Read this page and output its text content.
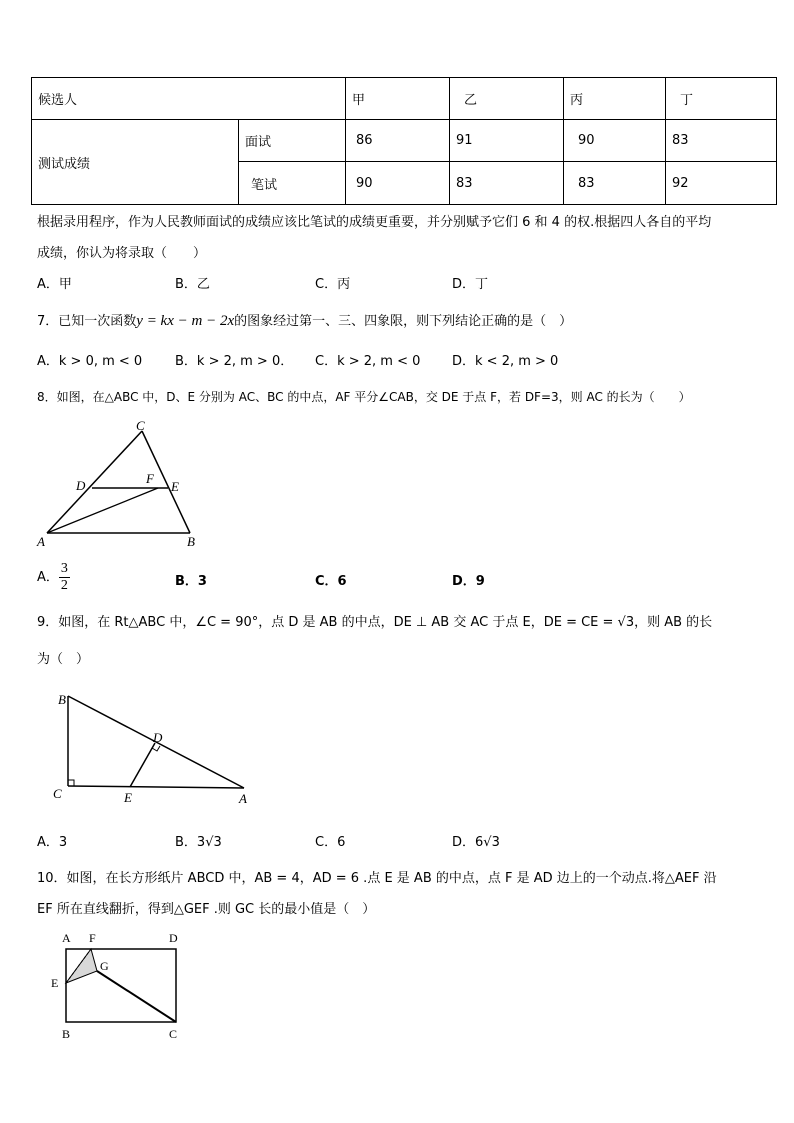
候选人		甲	乙	丙	丁
测试成绩	面试	86	91	90	83
	笔试	90	83	83	92
根据录用程序，作为人民教师面试的成绩应该比笔试的成绩更重要，并分别赋予它们 6 和 4 的权.根据四人各自的平均
成绩，你认为将录取（　　）
A．甲	B．乙	C．丙	D．丁
7．已知一次函数y = kx − m − 2x的图象经过第一、三、四象限，则下列结论正确的是（　）
A．k > 0, m < 0	B．k > 2, m > 0． C．k > 2, m < 0 D．k < 2, m > 0
8．如图，在△ABC 中，D、E 分别为 AC、BC 的中点，AF 平分∠CAB，交 DE 于点 F，若 DF=3，则 AC 的长为（　　）
C
D	F
E
A	B
A． $\frac{3}{2}$	B．3	C．6	D．9
9．如图，在 Rt△ABC 中，∠C = 90°，点 D 是 AB 的中点，DE ⊥ AB 交 AC 于点 E，DE = CE = √3，则 AB 的长
为（　）
B
D
C	E	A
A．3	B．3√3	C．6	D．6√3
10．如图，在长方形纸片 ABCD 中，AB = 4，AD = 6 .点 E 是 AB 的中点，点 F 是 AD 边上的一个动点.将△AEF 沿
EF 所在直线翻折，得到△GEF .则 GC 长的最小值是（　）
A F	D
G
E
B	C
